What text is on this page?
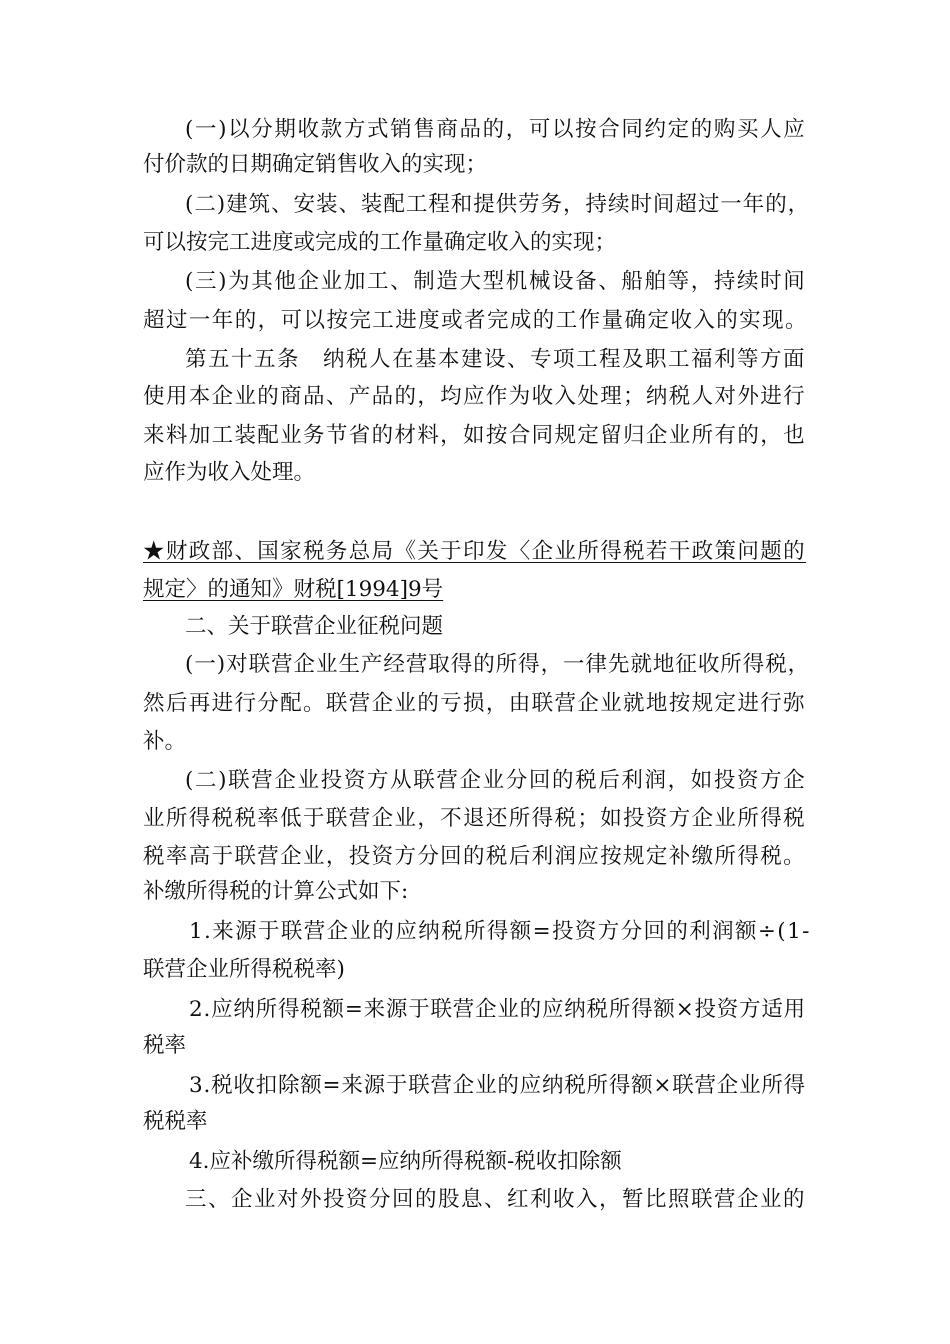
(一)以分期收款方式销售商品的，可以按合同约定的购买人应
付价款的日期确定销售收入的实现；
(二)建筑、安装、装配工程和提供劳务，持续时间超过一年的，
可以按完工进度或完成的工作量确定收入的实现；
(三)为其他企业加工、制造大型机械设备、船舶等，持续时间
超过一年的，可以按完工进度或者完成的工作量确定收入的实现。
第五十五条　纳税人在基本建设、专项工程及职工福利等方面
使用本企业的商品、产品的，均应作为收入处理；纳税人对外进行
来料加工装配业务节省的材料，如按合同规定留归企业所有的，也
应作为收入处理。
★财政部、国家税务总局《关于印发〈企业所得税若干政策问题的
规定〉的通知》财税[1994]9号
二、关于联营企业征税问题
(一)对联营企业生产经营取得的所得，一律先就地征收所得税，
然后再进行分配。联营企业的亏损，由联营企业就地按规定进行弥
补。
(二)联营企业投资方从联营企业分回的税后利润，如投资方企
业所得税税率低于联营企业，不退还所得税；如投资方企业所得税
税率高于联营企业，投资方分回的税后利润应按规定补缴所得税。
补缴所得税的计算公式如下:
1.来源于联营企业的应纳税所得额=投资方分回的利润额÷(1-
联营企业所得税税率)
2.应纳所得税额=来源于联营企业的应纳税所得额×投资方适用
税率
3.税收扣除额=来源于联营企业的应纳税所得额×联营企业所得
税税率
4.应补缴所得税额=应纳所得税额-税收扣除额
三、企业对外投资分回的股息、红利收入，暂比照联营企业的
